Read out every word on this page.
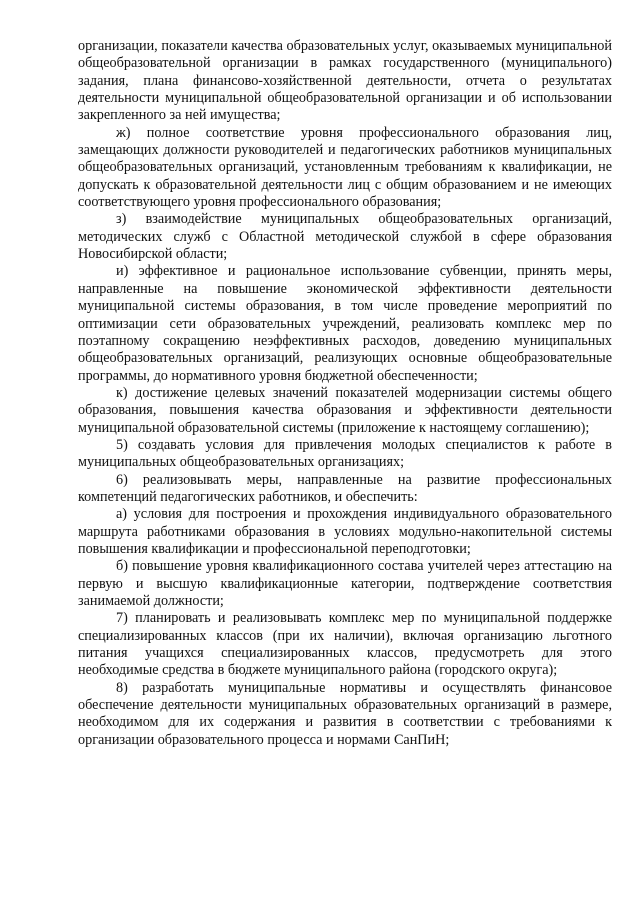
организации, показатели качества образовательных услуг, оказываемых муниципальной общеобразовательной организации в рамках государственного (муниципального) задания, плана финансово-хозяйственной деятельности, отчета о результатах деятельности муниципальной общеобразовательной организации и об использовании закрепленного за ней имущества;

ж) полное соответствие уровня профессионального образования лиц, замещающих должности руководителей и педагогических работников муниципальных общеобразовательных организаций, установленным требованиям к квалификации, не допускать к образовательной деятельности лиц с общим образованием и не имеющих соответствующего уровня профессионального образования;

з) взаимодействие муниципальных общеобразовательных организаций, методических служб с Областной методической службой в сфере образования Новосибирской области;

и) эффективное и рациональное использование субвенции, принять меры, направленные на повышение экономической эффективности деятельности муниципальной системы образования, в том числе проведение мероприятий по оптимизации сети образовательных учреждений, реализовать комплекс мер по поэтапному сокращению неэффективных расходов, доведению муниципальных общеобразовательных организаций, реализующих основные общеобразовательные программы, до нормативного уровня бюджетной обеспеченности;

к) достижение целевых значений показателей модернизации системы общего образования, повышения качества образования и эффективности деятельности муниципальной образовательной системы (приложение к настоящему соглашению);

5) создавать условия для привлечения молодых специалистов к работе в муниципальных общеобразовательных организациях;

6) реализовывать меры, направленные на развитие профессиональных компетенций педагогических работников, и обеспечить:

а) условия для построения и прохождения индивидуального образовательного маршрута работниками образования в условиях модульно-накопительной системы повышения квалификации и профессиональной переподготовки;

б) повышение уровня квалификационного состава учителей через аттестацию на первую и высшую квалификационные категории, подтверждение соответствия занимаемой должности;

7) планировать и реализовывать комплекс мер по муниципальной поддержке специализированных классов (при их наличии), включая организацию льготного питания учащихся специализированных классов, предусмотреть для этого необходимые средства в бюджете муниципального района (городского округа);

8) разработать муниципальные нормативы и осуществлять финансовое обеспечение деятельности муниципальных образовательных организаций в размере, необходимом для их содержания и развития в соответствии с требованиями к организации образовательного процесса и нормами СанПиН;
